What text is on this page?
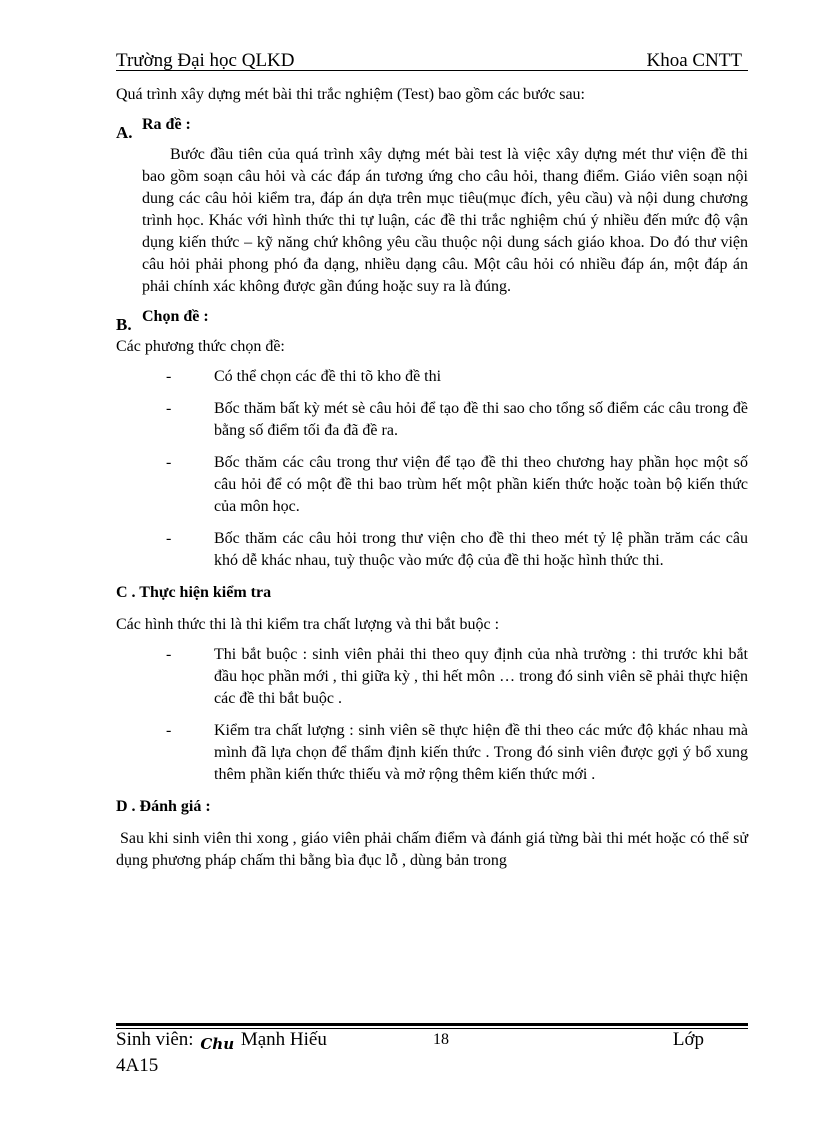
Trường Đại học QLKD	Khoa CNTT

Quá trình xây dựng mét bài thi trắc nghiệm (Test) bao gồm các bước sau:

A. Ra đề :

Bước đầu tiên của quá trình xây dựng mét bài test là việc xây dựng mét thư viện đề thi bao gồm soạn câu hỏi và các đáp án tương ứng cho câu hỏi, thang điểm. Giáo viên soạn nội dung các câu hỏi kiểm tra, đáp án dựa trên mục tiêu(mục đích, yêu cầu) và nội dung chương trình học. Khác với hình thức thi tự luận, các đề thi trắc nghiệm chú ý nhiều đến mức độ vận dụng kiến thức – kỹ năng chứ không yêu cầu thuộc nội dung sách giáo khoa. Do đó thư viện câu hỏi phải phong phó đa dạng, nhiều dạng câu. Một câu hỏi có nhiều đáp án, một đáp án phải chính xác không được gần đúng hoặc suy ra là đúng.

B. Chọn đề :

Các phương thức chọn đề:

-	Có thể chọn các đề thi tõ kho đề thi
-	Bốc thăm bất kỳ mét sè câu hỏi để tạo đề thi sao cho tổng số điểm các câu trong đề bằng số điểm tối đa đã đề ra.
-	Bốc thăm các câu trong thư viện để tạo đề thi theo chương hay phần học một số câu hỏi để có một đề thi bao trùm hết một phần kiến thức hoặc toàn bộ kiến thức của môn học.
-	Bốc thăm các câu hỏi trong thư viện cho đề thi theo mét tỷ lệ phần trăm các câu khó dễ khác nhau, tuỳ thuộc vào mức độ của đề thi hoặc hình thức thi.

C . Thực hiện kiểm tra

Các hình thức thi là thi kiểm tra chất lượng và thi bắt buộc :

-	Thi bắt buộc : sinh viên phải thi theo quy định của nhà trường : thi trước khi bắt đầu học phần mới , thi giữa kỳ , thi hết môn … trong đó sinh viên sẽ phải thực hiện các đề thi bắt buộc .
-	Kiểm tra chất lượng : sinh viên sẽ thực hiện đề thi theo các mức độ khác nhau mà mình đã lựa chọn để thẩm định kiến thức . Trong đó sinh viên được gợi ý bổ xung thêm phần kiến thức thiếu và mở rộng thêm kiến thức mới .

D . Đánh giá :

Sau khi sinh viên thi xong , giáo viên phải chấm điểm và đánh giá từng bài thi mét hoặc có thể sử dụng phương pháp chấm thi bằng bìa đục lỗ , dùng bản trong

Sinh viên: Chu Mạnh Hiếu	18	Lớp
4A15
